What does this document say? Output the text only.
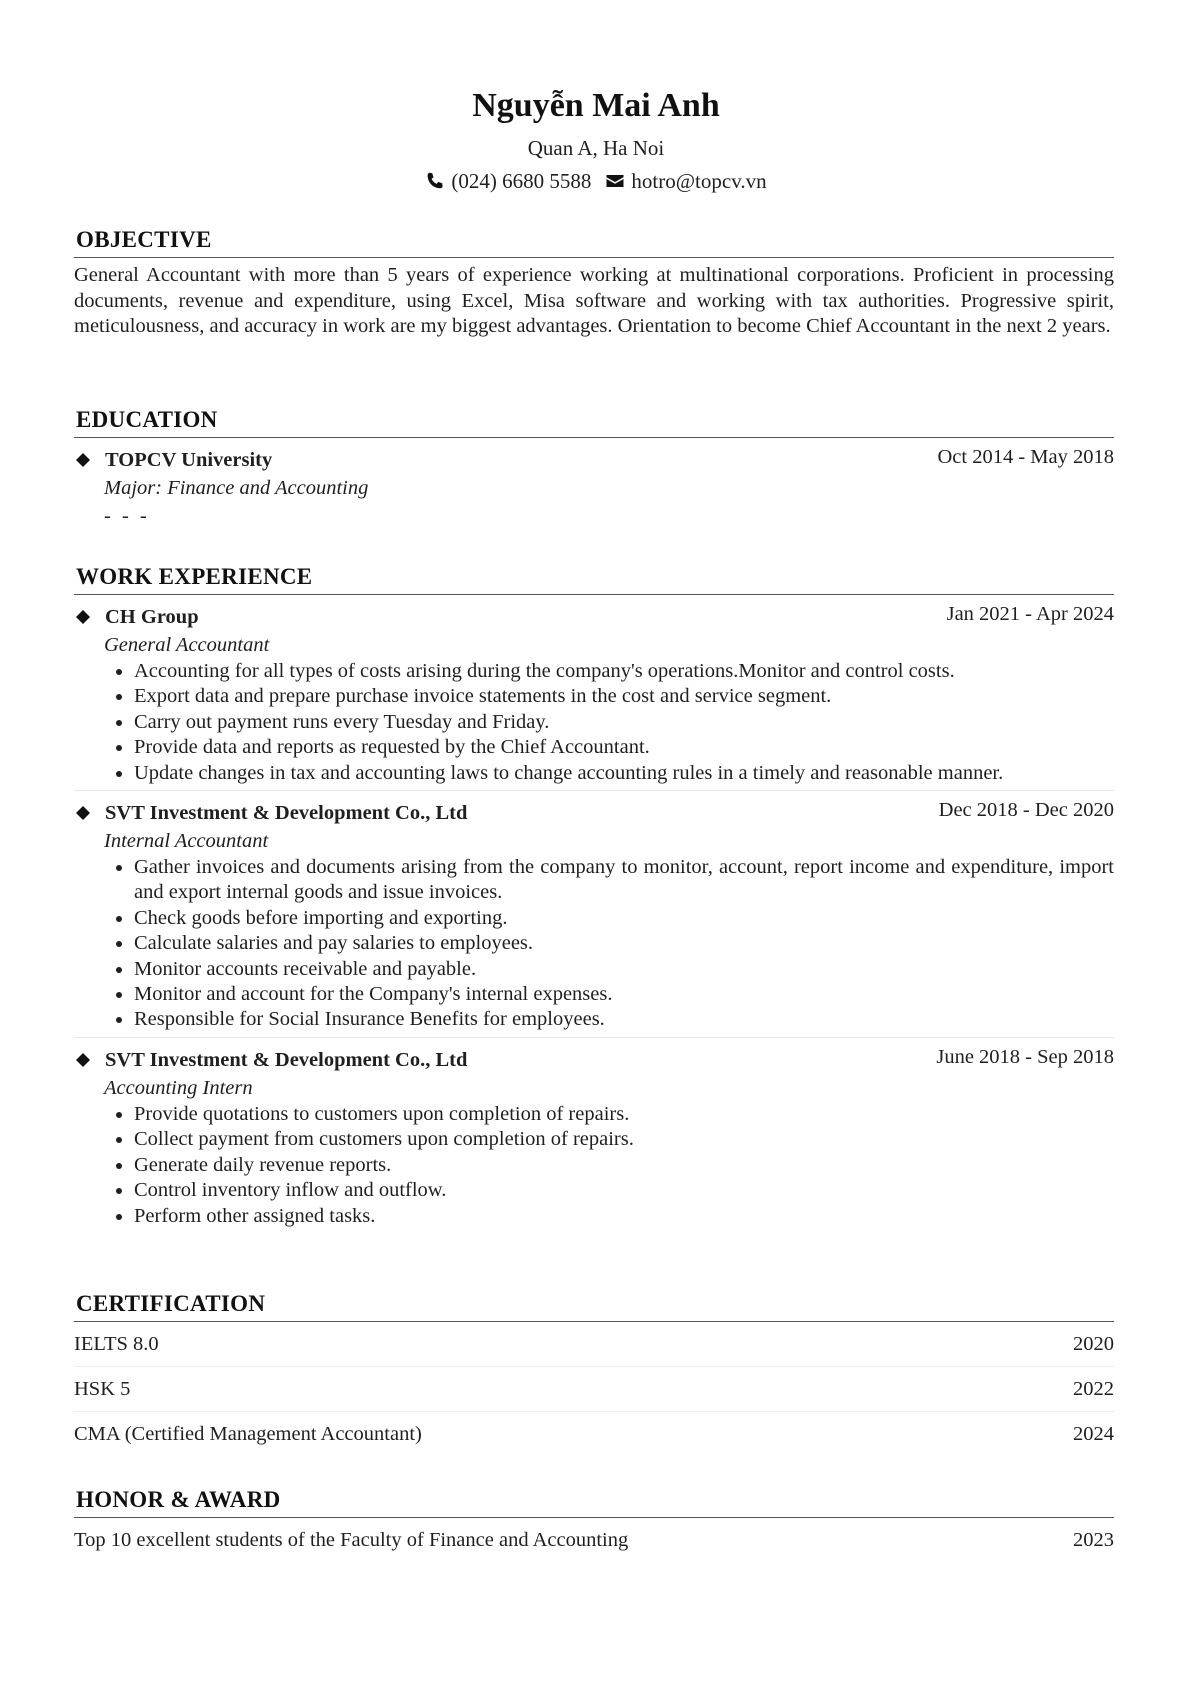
Nguyễn Mai Anh
Quan A, Ha Noi
(024) 6680 5588 hotro@topcv.vn
OBJECTIVE
General Accountant with more than 5 years of experience working at multinational corporations. Proficient in processing documents, revenue and expenditure, using Excel, Misa software and working with tax authorities. Progressive spirit, meticulousness, and accuracy in work are my biggest advantages. Orientation to become Chief Accountant in the next 2 years.
EDUCATION
TOPCV University	Oct 2014 - May 2018
Major: Finance and Accounting
- - -
WORK EXPERIENCE
CH Group	Jan 2021 - Apr 2024
General Accountant
• Accounting for all types of costs arising during the company's operations.Monitor and control costs.
• Export data and prepare purchase invoice statements in the cost and service segment.
• Carry out payment runs every Tuesday and Friday.
• Provide data and reports as requested by the Chief Accountant.
• Update changes in tax and accounting laws to change accounting rules in a timely and reasonable manner.
SVT Investment & Development Co., Ltd	Dec 2018 - Dec 2020
Internal Accountant
• Gather invoices and documents arising from the company to monitor, account, report income and expenditure, import and export internal goods and issue invoices.
• Check goods before importing and exporting.
• Calculate salaries and pay salaries to employees.
• Monitor accounts receivable and payable.
• Monitor and account for the Company's internal expenses.
• Responsible for Social Insurance Benefits for employees.
SVT Investment & Development Co., Ltd	June 2018 - Sep 2018
Accounting Intern
• Provide quotations to customers upon completion of repairs.
• Collect payment from customers upon completion of repairs.
• Generate daily revenue reports.
• Control inventory inflow and outflow.
• Perform other assigned tasks.
CERTIFICATION
IELTS 8.0	2020
HSK 5	2022
CMA (Certified Management Accountant)	2024
HONOR & AWARD
Top 10 excellent students of the Faculty of Finance and Accounting	2023
